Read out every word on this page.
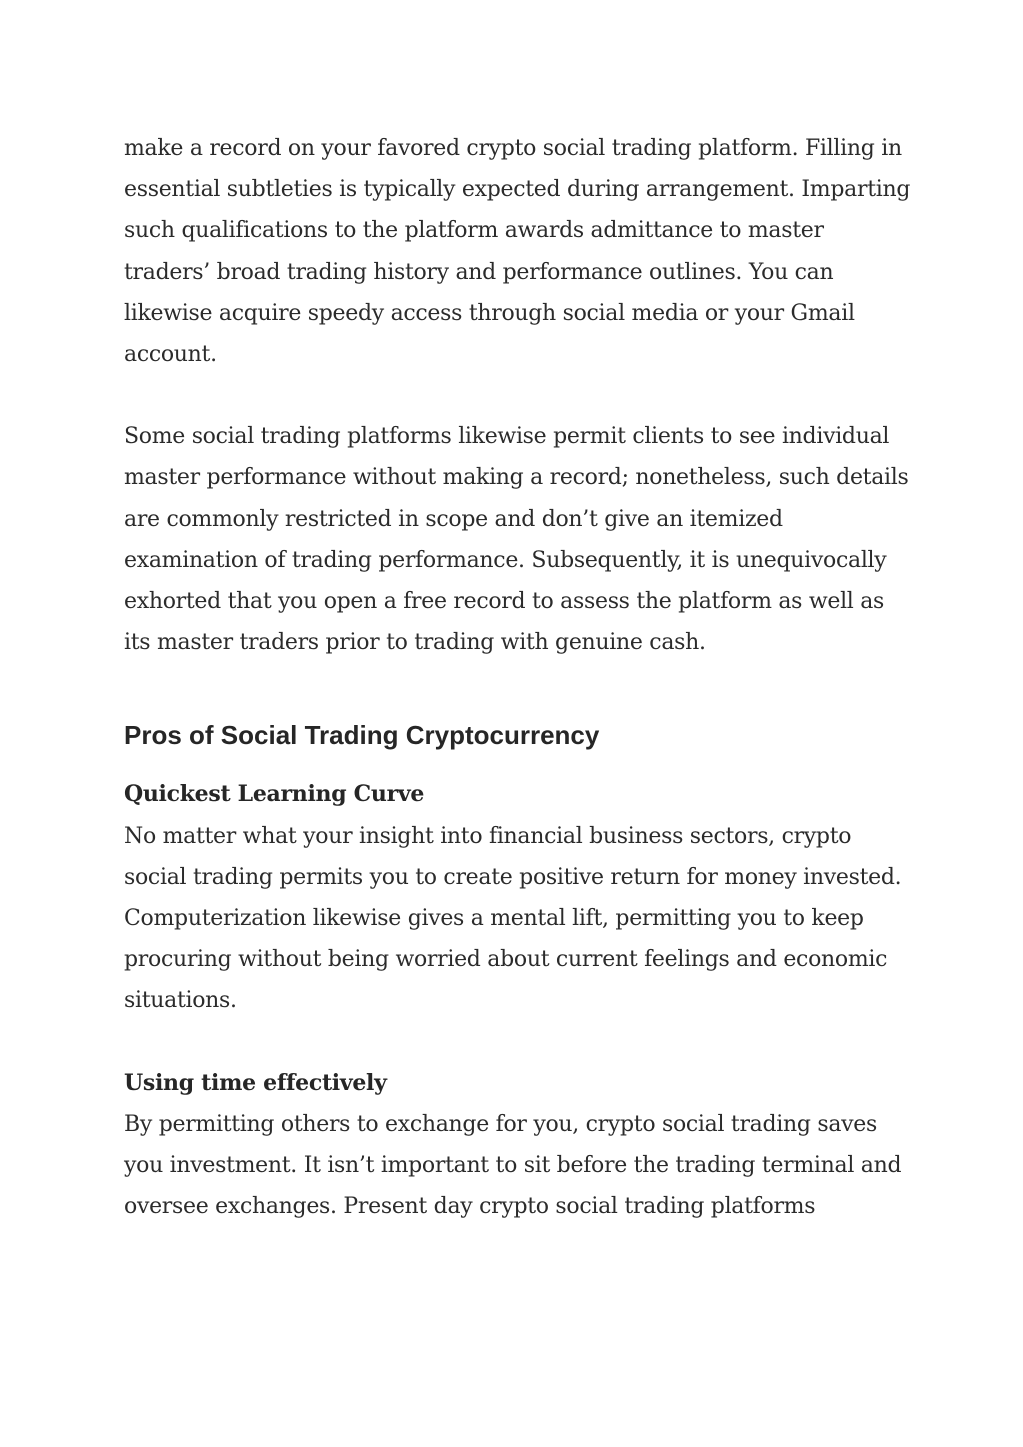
make a record on your favored crypto social trading platform. Filling in essential subtleties is typically expected during arrangement. Imparting such qualifications to the platform awards admittance to master traders’ broad trading history and performance outlines. You can likewise acquire speedy access through social media or your Gmail account.

Some social trading platforms likewise permit clients to see individual master performance without making a record; nonetheless, such details are commonly restricted in scope and don’t give an itemized examination of trading performance. Subsequently, it is unequivocally exhorted that you open a free record to assess the platform as well as its master traders prior to trading with genuine cash.

Pros of Social Trading Cryptocurrency
Quickest Learning Curve

No matter what your insight into financial business sectors, crypto social trading permits you to create positive return for money invested. Computerization likewise gives a mental lift, permitting you to keep procuring without being worried about current feelings and economic situations.

Using time effectively

By permitting others to exchange for you, crypto social trading saves you investment. It isn’t important to sit before the trading terminal and oversee exchanges. Present day crypto social trading platforms
